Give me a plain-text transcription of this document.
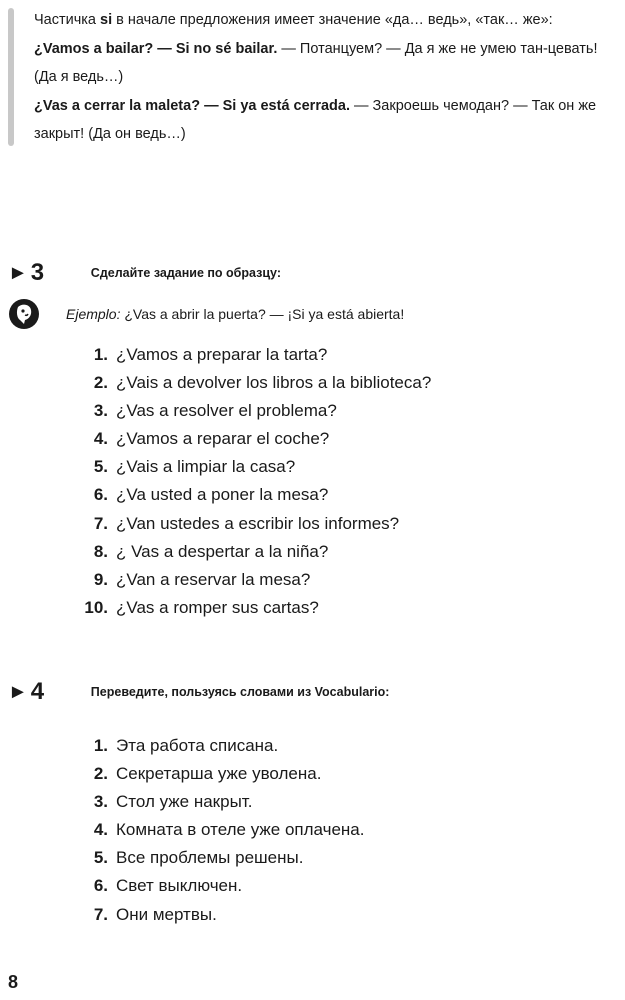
Частичка si в начале предложения имеет значение «да… ведь», «так… же»:

¿Vamos a bailar? — Si no sé bailar. — Потанцуем? — Да я же не умею тан-цевать! (Да я ведь…)

¿Vas a cerrar la maleta? — Si ya está cerrada. — Закроешь чемодан? — Так он же закрыт! (Да он ведь…)

► 3	Сделайте задание по образцу:
Ejemplo: ¿Vas a abrir la puerta? — ¡Si ya está abierta!
1. ¿Vamos a preparar la tarta?
2. ¿Vais a devolver los libros a la biblioteca?
3. ¿Vas a resolver el problema?
4. ¿Vamos a reparar el coche?
5. ¿Vais a limpiar la casa?
6. ¿Va usted a poner la mesa?
7. ¿Van ustedes a escribir los informes?
8. ¿ Vas a despertar a la niña?
9. ¿Van a reservar la mesa?
10. ¿Vas a romper sus cartas?
► 4	Переведите, пользуясь словами из Vocabulario:
1. Эта работа списана.
2. Секретарша уже уволена.
3. Стол уже накрыт.
4. Комната в отеле уже оплачена.
5. Все проблемы решены.
6. Свет выключен.
7. Они мертвы.
8
